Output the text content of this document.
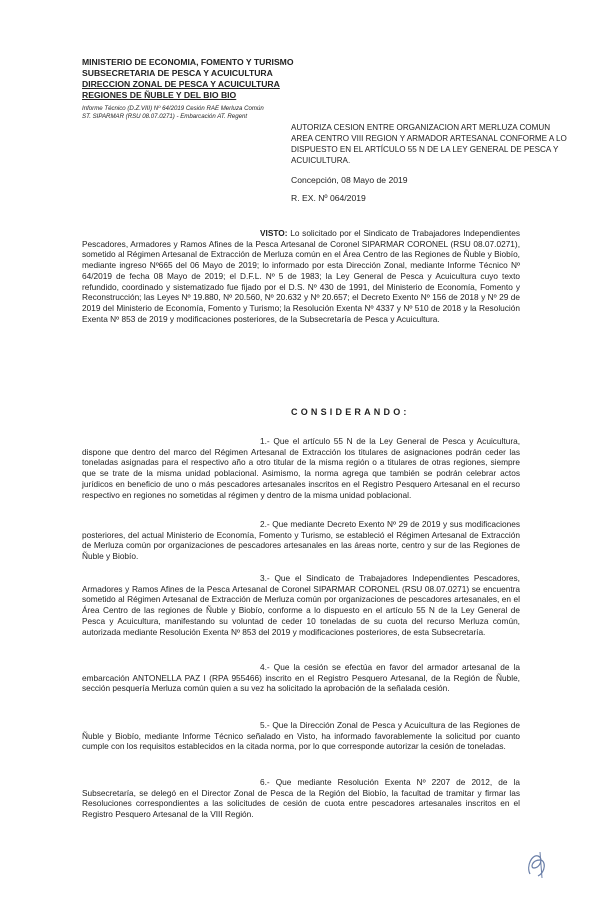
MINISTERIO DE ECONOMIA, FOMENTO Y TURISMO
SUBSECRETARIA DE PESCA Y ACUICULTURA
DIRECCION ZONAL DE PESCA Y ACUICULTURA
REGIONES DE ÑUBLE Y DEL BIO BIO
Informe Técnico (D.Z.VIII) Nº 64/2019 Cesión RAE Merluza Común
ST. SIPARMAR (RSU 08.07.0271) - Embarcación AT. Regent
AUTORIZA CESION ENTRE ORGANIZACION ART MERLUZA COMUN AREA CENTRO VIII REGION Y ARMADOR ARTESANAL CONFORME A LO DISPUESTO EN EL ARTÍCULO 55 N DE LA LEY GENERAL DE PESCA Y ACUICULTURA.
Concepción, 08 Mayo de 2019
R. EX. Nº 064/2019
VISTO: Lo solicitado por el Sindicato de Trabajadores Independientes Pescadores, Armadores y Ramos Afines de la Pesca Artesanal de Coronel SIPARMAR CORONEL (RSU 08.07.0271), sometido al Régimen Artesanal de Extracción de Merluza común en el Área Centro de las Regiones de Ñuble y Biobío, mediante ingreso Nº665 del 06 Mayo de 2019; lo informado por esta Dirección Zonal, mediante Informe Técnico Nº 64/2019 de fecha 08 Mayo de 2019; el D.F.L. Nº 5 de 1983; la Ley General de Pesca y Acuicultura cuyo texto refundido, coordinado y sistematizado fue fijado por el D.S. Nº 430 de 1991, del Ministerio de Economía, Fomento y Reconstrucción; las Leyes Nº 19.880, Nº 20.560, Nº 20.632 y Nº 20.657; el Decreto Exento Nº 156 de 2018 y Nº 29 de 2019 del Ministerio de Economía, Fomento y Turismo; la Resolución Exenta Nº 4337 y Nº 510 de 2018 y la Resolución Exenta Nº 853 de 2019 y modificaciones posteriores, de la Subsecretaría de Pesca y Acuicultura.
CONSIDERANDO:
1.- Que el artículo 55 N de la Ley General de Pesca y Acuicultura, dispone que dentro del marco del Régimen Artesanal de Extracción los titulares de asignaciones podrán ceder las toneladas asignadas para el respectivo año a otro titular de la misma región o a titulares de otras regiones, siempre que se trate de la misma unidad poblacional. Asimismo, la norma agrega que también se podrán celebrar actos jurídicos en beneficio de uno o más pescadores artesanales inscritos en el Registro Pesquero Artesanal en el recurso respectivo en regiones no sometidas al régimen y dentro de la misma unidad poblacional.
2.- Que mediante Decreto Exento Nº 29 de 2019 y sus modificaciones posteriores, del actual Ministerio de Economía, Fomento y Turismo, se estableció el Régimen Artesanal de Extracción de Merluza común por organizaciones de pescadores artesanales en las áreas norte, centro y sur de las Regiones de Ñuble y Biobío.
3.- Que el Sindicato de Trabajadores Independientes Pescadores, Armadores y Ramos Afines de la Pesca Artesanal de Coronel SIPARMAR CORONEL (RSU 08.07.0271) se encuentra sometido al Régimen Artesanal de Extracción de Merluza común por organizaciones de pescadores artesanales, en el Área Centro de las regiones de Ñuble y Biobío, conforme a lo dispuesto en el artículo 55 N de la Ley General de Pesca y Acuicultura, manifestando su voluntad de ceder 10 toneladas de su cuota del recurso Merluza común, autorizada mediante Resolución Exenta Nº 853 del 2019 y modificaciones posteriores, de esta Subsecretaría.
4.- Que la cesión se efectúa en favor del armador artesanal de la embarcación ANTONELLA PAZ I (RPA 955466) inscrito en el Registro Pesquero Artesanal, de la Región de Ñuble, sección pesquería Merluza común quien a su vez ha solicitado la aprobación de la señalada cesión.
5.- Que la Dirección Zonal de Pesca y Acuicultura de las Regiones de Ñuble y Biobío, mediante Informe Técnico señalado en Visto, ha informado favorablemente la solicitud por cuanto cumple con los requisitos establecidos en la citada norma, por lo que corresponde autorizar la cesión de toneladas.
6.- Que mediante Resolución Exenta Nº 2207 de 2012, de la Subsecretaría, se delegó en el Director Zonal de Pesca de la Región del Biobío, la facultad de tramitar y firmar las Resoluciones correspondientes a las solicitudes de cesión de cuota entre pescadores artesanales inscritos en el Registro Pesquero Artesanal de la VIII Región.
